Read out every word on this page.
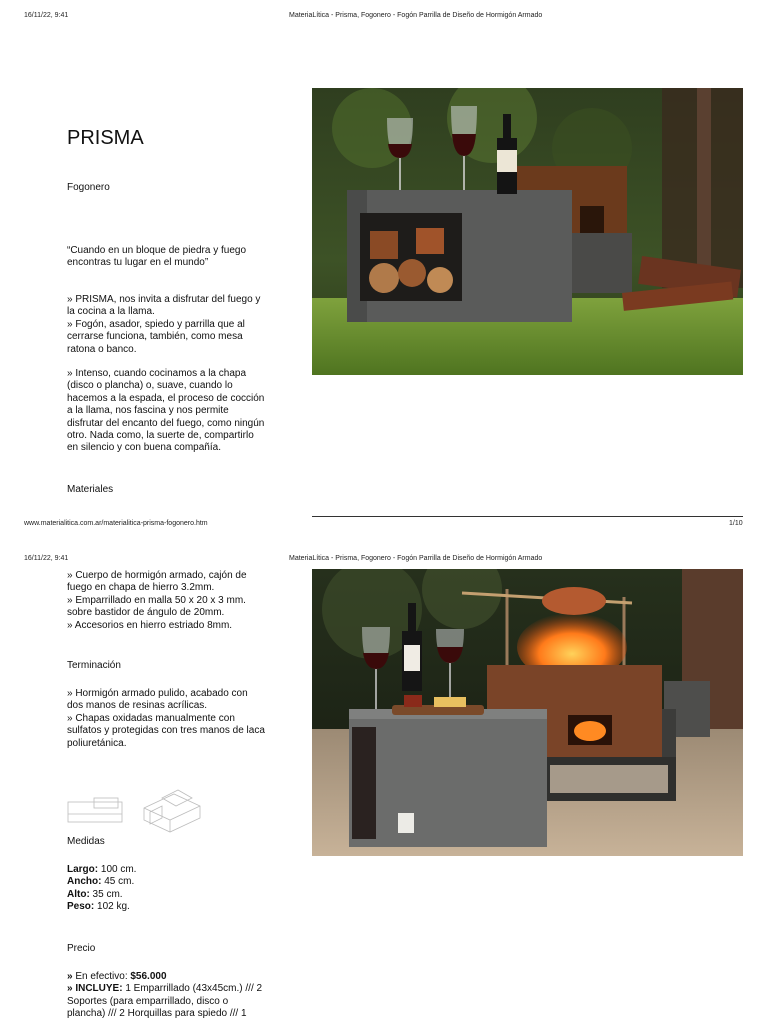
16/11/22, 9:41	MateriaLítica - Prisma, Fogonero - Fogón Parrilla de Diseño de Hormigón Armado
PRISMA
Fogonero
“Cuando en un bloque de piedra y fuego
encontras tu lugar en el mundo”
» PRISMA, nos invita a disfrutar del fuego y
la cocina a la llama.
» Fogón, asador, spiedo y parrilla que al
cerrarse funciona, también, como mesa
ratona o banco.
» Intenso, cuando cocinamos a la chapa
(disco o plancha) o, suave, cuando lo
hacemos a la espada, el proceso de cocción
a la llama, nos fascina y nos permite
disfrutar del encanto del fuego, como ningún
otro. Nada como, la suerte de, compartirlo
en silencio y con buena compañía.
Materiales
www.materialitica.com.ar/materialitica-prisma-fogonero.htm	1/10
16/11/22, 9:41	MateriaLítica - Prisma, Fogonero - Fogón Parrilla de Diseño de Hormigón Armado
» Cuerpo de hormigón armado, cajón de
fuego en chapa de hierro 3.2mm.
» Emparrillado en malla 50 x 20 x 3 mm.
sobre bastidor de ángulo de 20mm.
» Accesorios en hierro estriado 8mm.
Terminación
» Hormigón armado pulido, acabado con
dos manos de resinas acrílicas.
» Chapas oxidadas manualmente con
sulfatos y protegidas con tres manos de laca
poliuretánica.
Medidas
Largo: 100 cm.
Ancho: 45 cm.
Alto: 35 cm.
Peso: 102 kg.
Precio
» En efectivo: $56.000
» INCLUYE: 1 Emparrillado (43x45cm.) /// 2
Soportes (para emparrillado, disco o
plancha) /// 2 Horquillas para spiedo /// 1
